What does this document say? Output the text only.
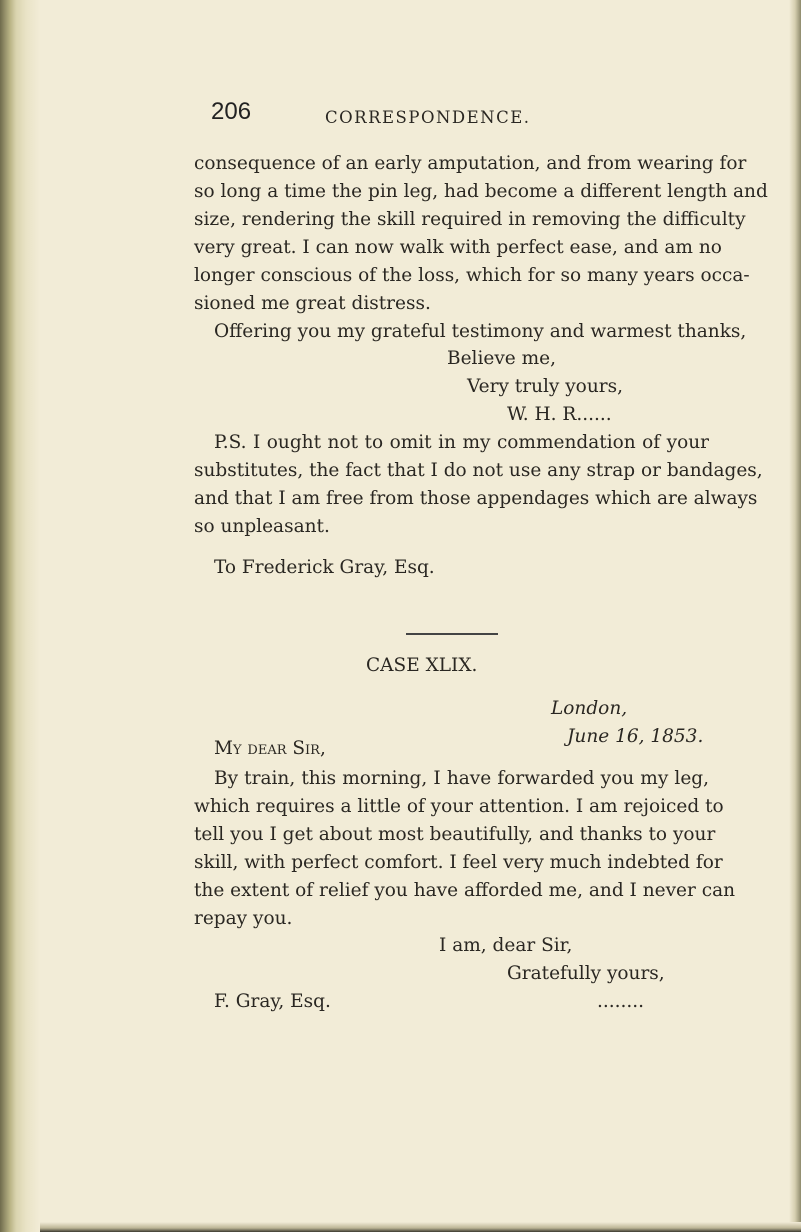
206	CORRESPONDENCE.
consequence of an early amputation, and from wearing for
so long a time the pin leg, had become a different length and
size, rendering the skill required in removing the difficulty
very great. I can now walk with perfect ease, and am no
longer conscious of the loss, which for so many years occa-
sioned me great distress.
Offering you my grateful testimony and warmest thanks,
Believe me,
Very truly yours,
W. H. R......
P.S. I ought not to omit in my commendation of your
substitutes, the fact that I do not use any strap or bandages,
and that I am free from those appendages which are always
so unpleasant.
To Frederick Gray, Esq.
CASE XLIX.
London,
June 16, 1853.
My dear Sir,
By train, this morning, I have forwarded you my leg,
which requires a little of your attention. I am rejoiced to
tell you I get about most beautifully, and thanks to your
skill, with perfect comfort. I feel very much indebted for
the extent of relief you have afforded me, and I never can
repay you.
I am, dear Sir,
Gratefully yours,
F. Gray, Esq.	........
